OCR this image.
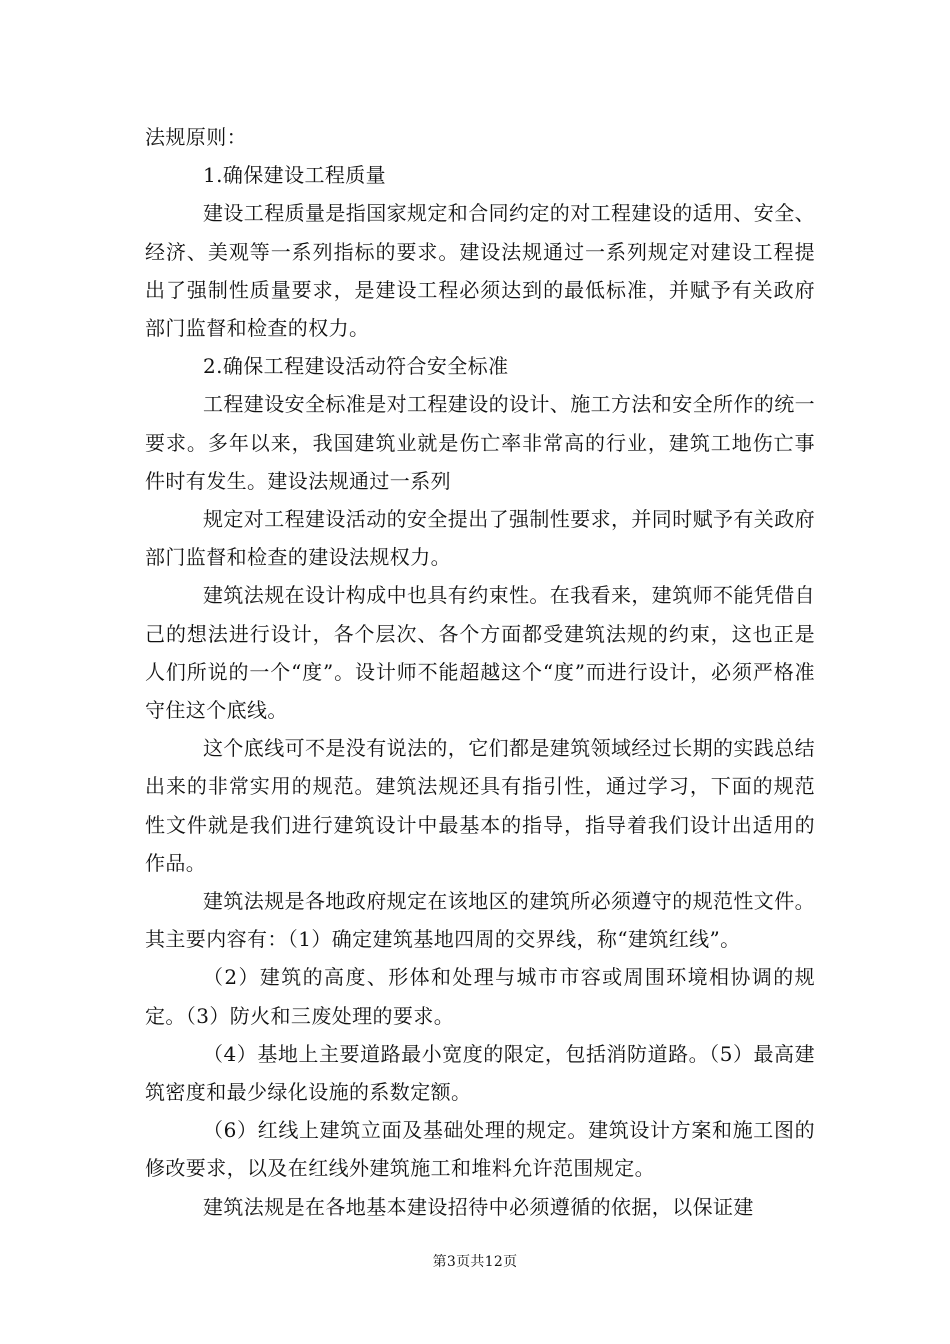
法规原则：

1.确保建设工程质量

建设工程质量是指国家规定和合同约定的对工程建设的适用、安全、经济、美观等一系列指标的要求。建设法规通过一系列规定对建设工程提出了强制性质量要求，是建设工程必须达到的最低标准，并赋予有关政府部门监督和检查的权力。

2.确保工程建设活动符合安全标准

工程建设安全标准是对工程建设的设计、施工方法和安全所作的统一要求。多年以来，我国建筑业就是伤亡率非常高的行业，建筑工地伤亡事件时有发生。建设法规通过一系列

规定对工程建设活动的安全提出了强制性要求，并同时赋予有关政府部门监督和检查的建设法规权力。

建筑法规在设计构成中也具有约束性。在我看来，建筑师不能凭借自己的想法进行设计，各个层次、各个方面都受建筑法规的约束，这也正是人们所说的一个“度”。设计师不能超越这个“度”而进行设计，必须严格准守住这个底线。

这个底线可不是没有说法的，它们都是建筑领域经过长期的实践总结出来的非常实用的规范。建筑法规还具有指引性，通过学习，下面的规范性文件就是我们进行建筑设计中最基本的指导，指导着我们设计出适用的作品。

建筑法规是各地政府规定在该地区的建筑所必须遵守的规范性文件。其主要内容有：（1）确定建筑基地四周的交界线，称“建筑红线”。

（2）建筑的高度、形体和处理与城市市容或周围环境相协调的规定。（3）防火和三废处理的要求。

（4）基地上主要道路最小宽度的限定，包括消防道路。（5）最高建筑密度和最少绿化设施的系数定额。

（6）红线上建筑立面及基础处理的规定。建筑设计方案和施工图的修改要求，以及在红线外建筑施工和堆料允许范围规定。

建筑法规是在各地基本建设招待中必须遵循的依据，以保证建

第3页共12页
